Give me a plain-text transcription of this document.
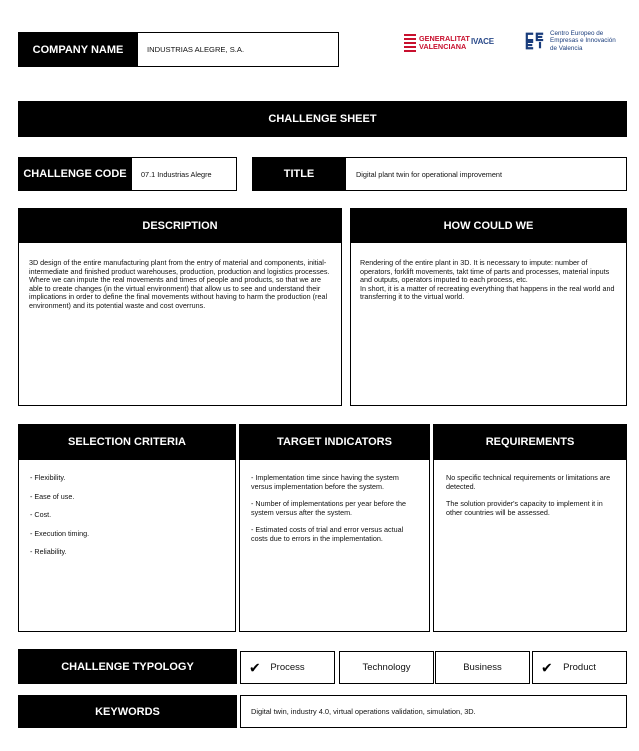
COMPANY NAME	INDUSTRIAS ALEGRE, S.A.
GENERALITAT
VALENCIANA
IVACE
Centro Europeo de
Empresas e Innovación
de Valencia
CHALLENGE SHEET
CHALLENGE CODE	07.1 Industrias Alegre	TITLE	Digital plant twin for operational improvement
DESCRIPTION
3D design of the entire manufacturing plant from the entry of material and components, initial-intermediate and finished product warehouses, production, production and logistics processes. Where we can impute the real movements and times of people and products, so that we are able to create changes (in the virtual environment) that allow us to see and understand their implications in order to define the final movements without having to harm the production (real environment) and its potential waste and cost overruns.
HOW COULD WE
Rendering of the entire plant in 3D. It is necessary to impute: number of operators, forklift movements, takt time of parts and processes, material inputs and outputs, operators imputed to each process, etc.
In short, it is a matter of recreating everything that happens in the real world and transferring it to the virtual world.
SELECTION CRITERIA
- Flexibility.
- Ease of use.
- Cost.
- Execution timing.
- Reliability.
TARGET INDICATORS
- Implementation time since having the system versus implementation before the system.
- Number of implementations per year before the system versus after the system.
- Estimated costs of trial and error versus actual costs due to errors in the implementation.
REQUIREMENTS
No specific technical requirements or limitations are detected.
The solution provider's capacity to implement it in other countries will be assessed.
CHALLENGE TYPOLOGY	✔ Process	Technology	Business	✔ Product
KEYWORDS	Digital twin, industry 4.0, virtual operations validation, simulation, 3D.
